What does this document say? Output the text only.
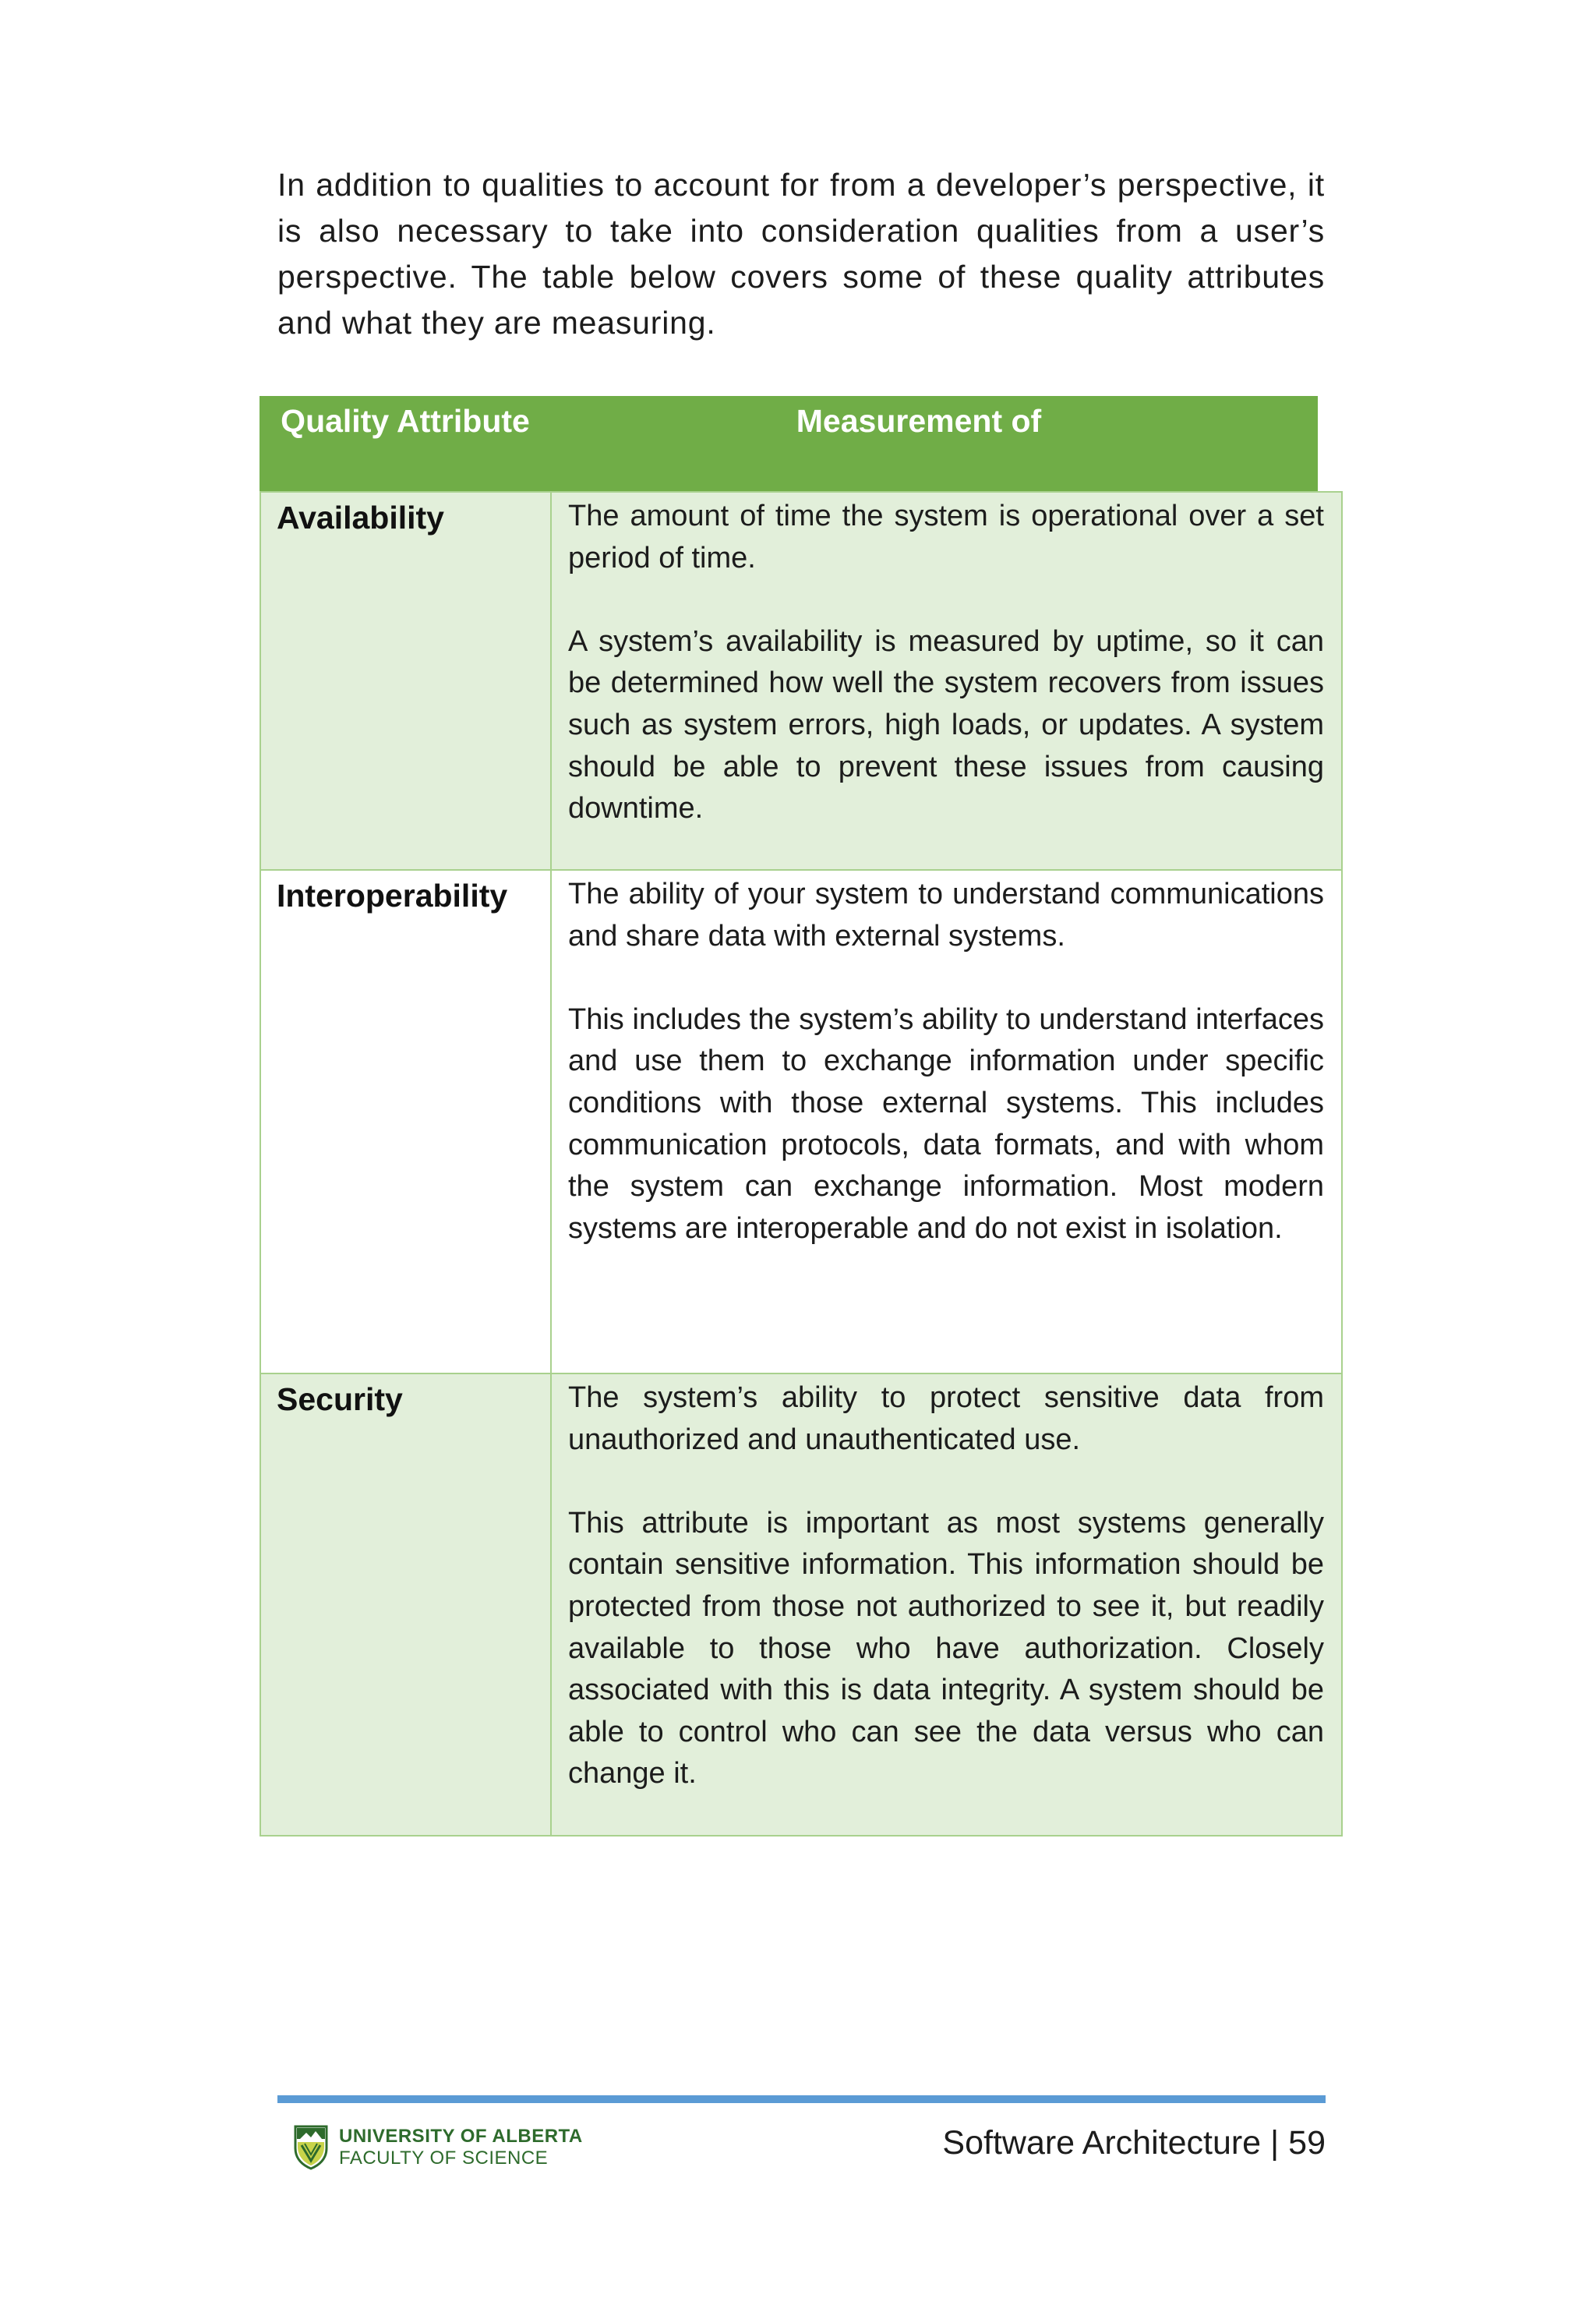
In addition to qualities to account for from a developer’s perspective, it is also necessary to take into consideration qualities from a user’s perspective. The table below covers some of these quality attributes and what they are measuring.

Quality Attribute	Measurement of
Availability	The amount of time the system is operational over a set period of time.

A system’s availability is measured by uptime, so it can be determined how well the system recovers from issues such as system errors, high loads, or updates. A system should be able to prevent these issues from causing downtime.

Interoperability	The ability of your system to understand communications and share data with external systems.

This includes the system’s ability to understand interfaces and use them to exchange information under specific conditions with those external systems. This includes communication protocols, data formats, and with whom the system can exchange information. Most modern systems are interoperable and do not exist in isolation.

Security	The system’s ability to protect sensitive data from unauthorized and unauthenticated use.

This attribute is important as most systems generally contain sensitive information. This information should be protected from those not authorized to see it, but readily available to those who have authorization. Closely associated with this is data integrity. A system should be able to control who can see the data versus who can change it.

UNIVERSITY OF ALBERTA
FACULTY OF SCIENCE	Software Architecture | 59
